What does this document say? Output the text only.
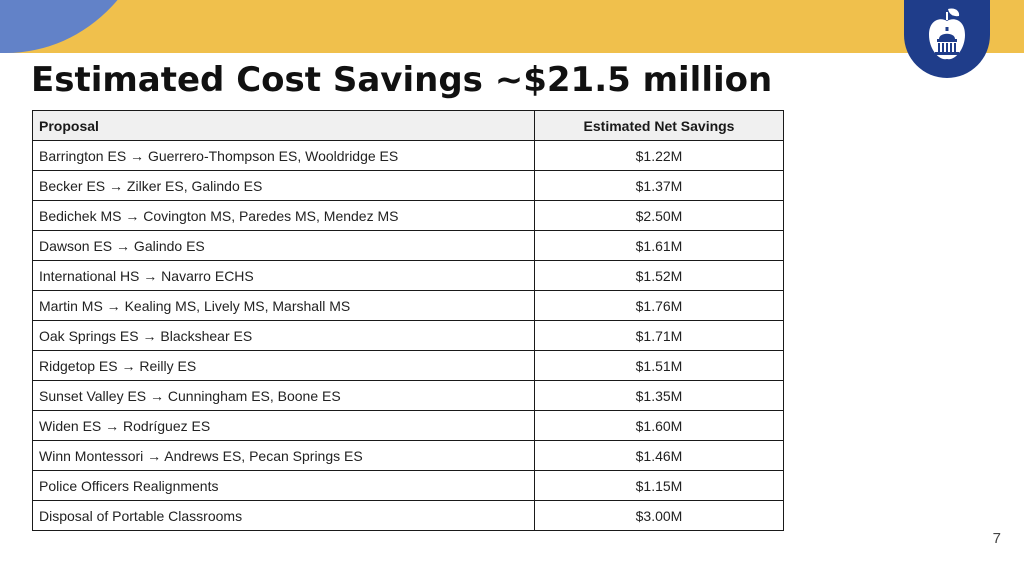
Estimated Cost Savings ~$21.5 million
Proposal	Estimated Net Savings
Barrington ES → Guerrero-Thompson ES, Wooldridge ES	$1.22M
Becker ES → Zilker ES, Galindo ES	$1.37M
Bedichek MS → Covington MS, Paredes MS, Mendez MS	$2.50M
Dawson ES → Galindo ES	$1.61M
International HS → Navarro ECHS	$1.52M
Martin MS → Kealing MS, Lively MS, Marshall MS	$1.76M
Oak Springs ES → Blackshear ES	$1.71M
Ridgetop ES → Reilly ES	$1.51M
Sunset Valley ES → Cunningham ES, Boone ES	$1.35M
Widen ES → Rodríguez ES	$1.60M
Winn Montessori → Andrews ES, Pecan Springs ES	$1.46M
Police Officers Realignments	$1.15M
Disposal of Portable Classrooms	$3.00M
7
